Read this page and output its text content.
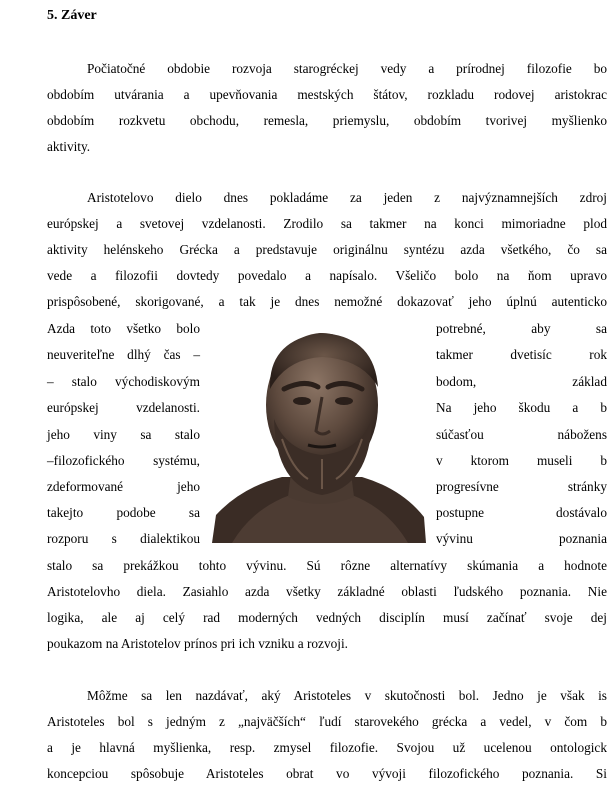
5. Záver
Počiatočné obdobie rozvoja starogréckej vedy a prírodnej filozofie bo
obdobím utvárania a upevňovania mestských štátov, rozkladu rodovej aristokrac
obdobím rozkvetu obchodu, remesla, priemyslu, obdobím tvorivej myšlienko
aktivity.
Aristotelovo dielo dnes pokladáme za jeden z najvýznamnejších zdroj
európskej a svetovej vzdelanosti. Zrodilo sa takmer na konci mimoriadne plod
aktivity helénskeho Grécka a predstavuje originálnu syntézu azda všetkého, čo sa
vede a filozofii dovtedy povedalo a napísalo. Všeličo bolo na ňom upravo
prispôsobené, skorigované, a tak je dnes nemožné dokazovať jeho úplnú autenticko
Azda toto všetko bolo	potrebné, aby sa
neuveriteľne dlhý čas –	takmer dvetisíc rok
– stalo východiskovým	bodom, základ
európskej vzdelanosti.	Na jeho škodu a b
jeho viny sa stalo	súčasťou nábožens
–filozofického systému,	v ktorom museli b
zdeformované jeho	progresívne stránky
takejto podobe sa	postupne dostávalo
rozporu s dialektikou	vývinu poznania
stalo sa prekážkou tohto vývinu. Sú rôzne alternatívy skúmania a hodnote
Aristotelovho diela. Zasiahlo azda všetky základné oblasti ľudského poznania. Nie
logika, ale aj celý rad moderných vedných disciplín musí začínať svoje dej
poukazom na Aristotelov prínos pri ich vzniku a rozvoji.
Môžme sa len nazdávať, aký Aristoteles v skutočnosti bol. Jedno je však is
Aristoteles bol s jedným z „najväčších“ ľudí starovekého grécka a vedel, v čom b
a je hlavná myšlienka, resp. zmysel filozofie. Svojou už ucelenou ontologick
koncepciou spôsobuje Aristoteles obrat vo vývoji filozofického poznania. Si
